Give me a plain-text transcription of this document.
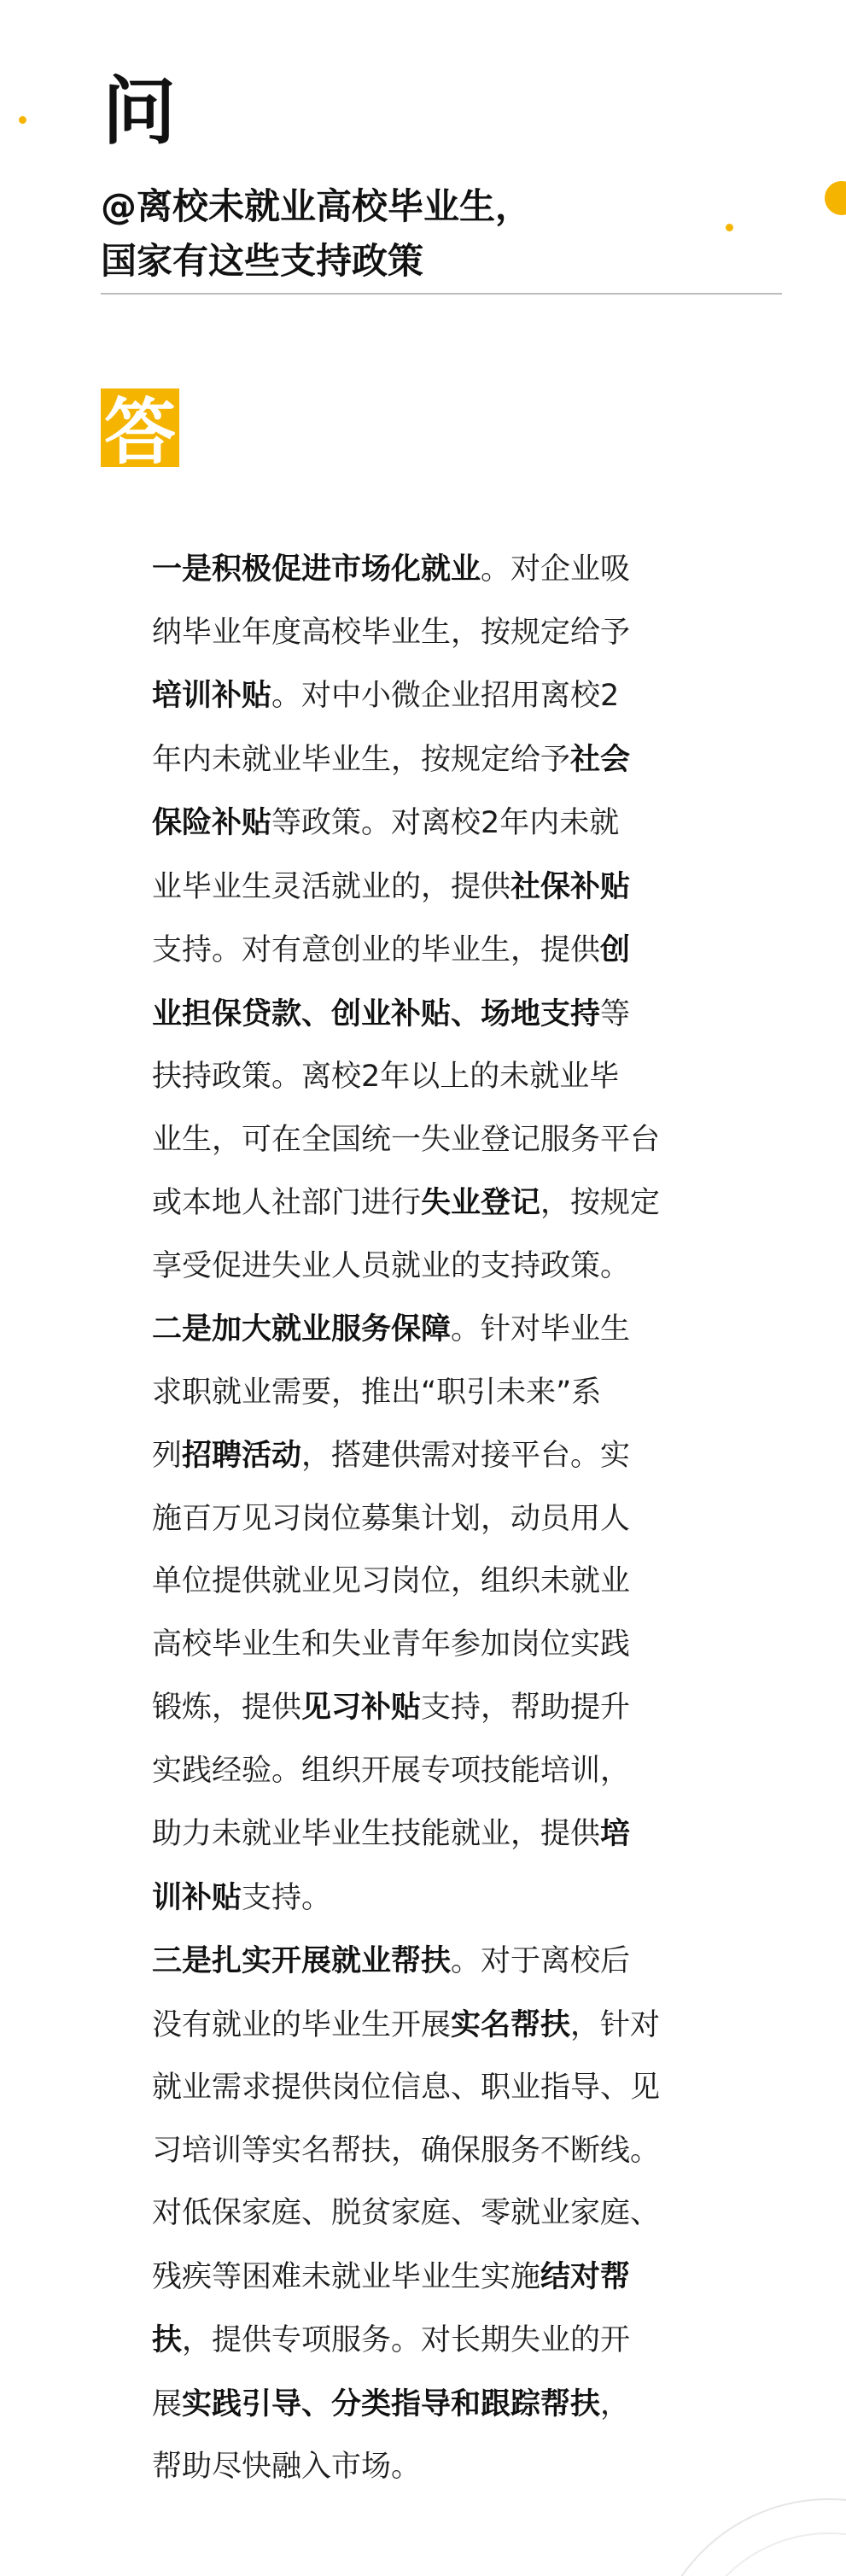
问
@离校未就业高校毕业生，
国家有这些支持政策
答
一是积极促进市场化就业。对企业吸
纳毕业年度高校毕业生，按规定给予
培训补贴。对中小微企业招用离校2
年内未就业毕业生，按规定给予社会
保险补贴等政策。对离校2年内未就
业毕业生灵活就业的，提供社保补贴
支持。对有意创业的毕业生，提供创
业担保贷款、创业补贴、场地支持等
扶持政策。离校2年以上的未就业毕
业生，可在全国统一失业登记服务平台
或本地人社部门进行失业登记，按规定
享受促进失业人员就业的支持政策。
二是加大就业服务保障。针对毕业生
求职就业需要，推出“职引未来”系
列招聘活动，搭建供需对接平台。实
施百万见习岗位募集计划，动员用人
单位提供就业见习岗位，组织未就业
高校毕业生和失业青年参加岗位实践
锻炼，提供见习补贴支持，帮助提升
实践经验。组织开展专项技能培训，
助力未就业毕业生技能就业，提供培
训补贴支持。
三是扎实开展就业帮扶。对于离校后
没有就业的毕业生开展实名帮扶，针对
就业需求提供岗位信息、职业指导、见
习培训等实名帮扶，确保服务不断线。
对低保家庭、脱贫家庭、零就业家庭、
残疾等困难未就业毕业生实施结对帮
扶，提供专项服务。对长期失业的开
展实践引导、分类指导和跟踪帮扶，
帮助尽快融入市场。
